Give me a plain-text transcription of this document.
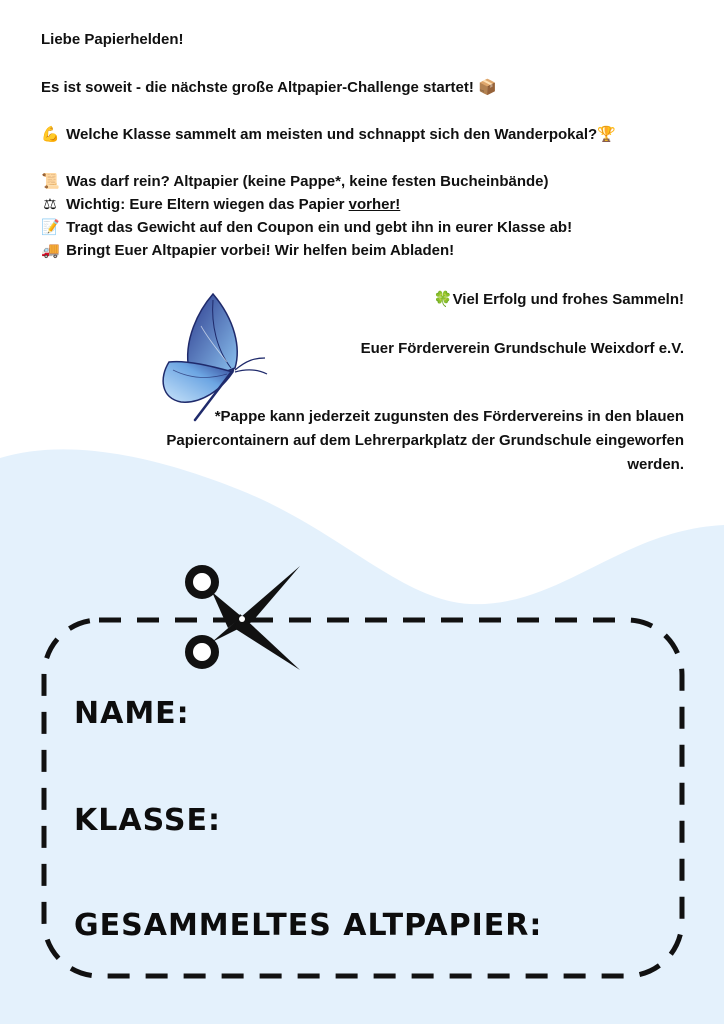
Liebe Papierhelden!
Es ist soweit - die nächste große Altpapier-Challenge startet! 📦
💪 Welche Klasse sammelt am meisten und schnappt sich den Wanderpokal?🏆
📜 Was darf rein? Altpapier (keine Pappe*, keine festen Bucheinbände)
⚖ Wichtig: Eure Eltern wiegen das Papier vorher!
📝 Tragt das Gewicht auf den Coupon ein und gebt ihn in eurer Klasse ab!
🚚 Bringt Euer Altpapier vorbei! Wir helfen beim Abladen!
🍀Viel Erfolg und frohes Sammeln!
Euer Förderverein Grundschule Weixdorf e.V.
*Pappe kann jederzeit zugunsten des Fördervereins in den blauen Papiercontainern auf dem Lehrerparkplatz der Grundschule eingeworfen werden.
NAME:
KLASSE:
GESAMMELTES ALTPAPIER:
